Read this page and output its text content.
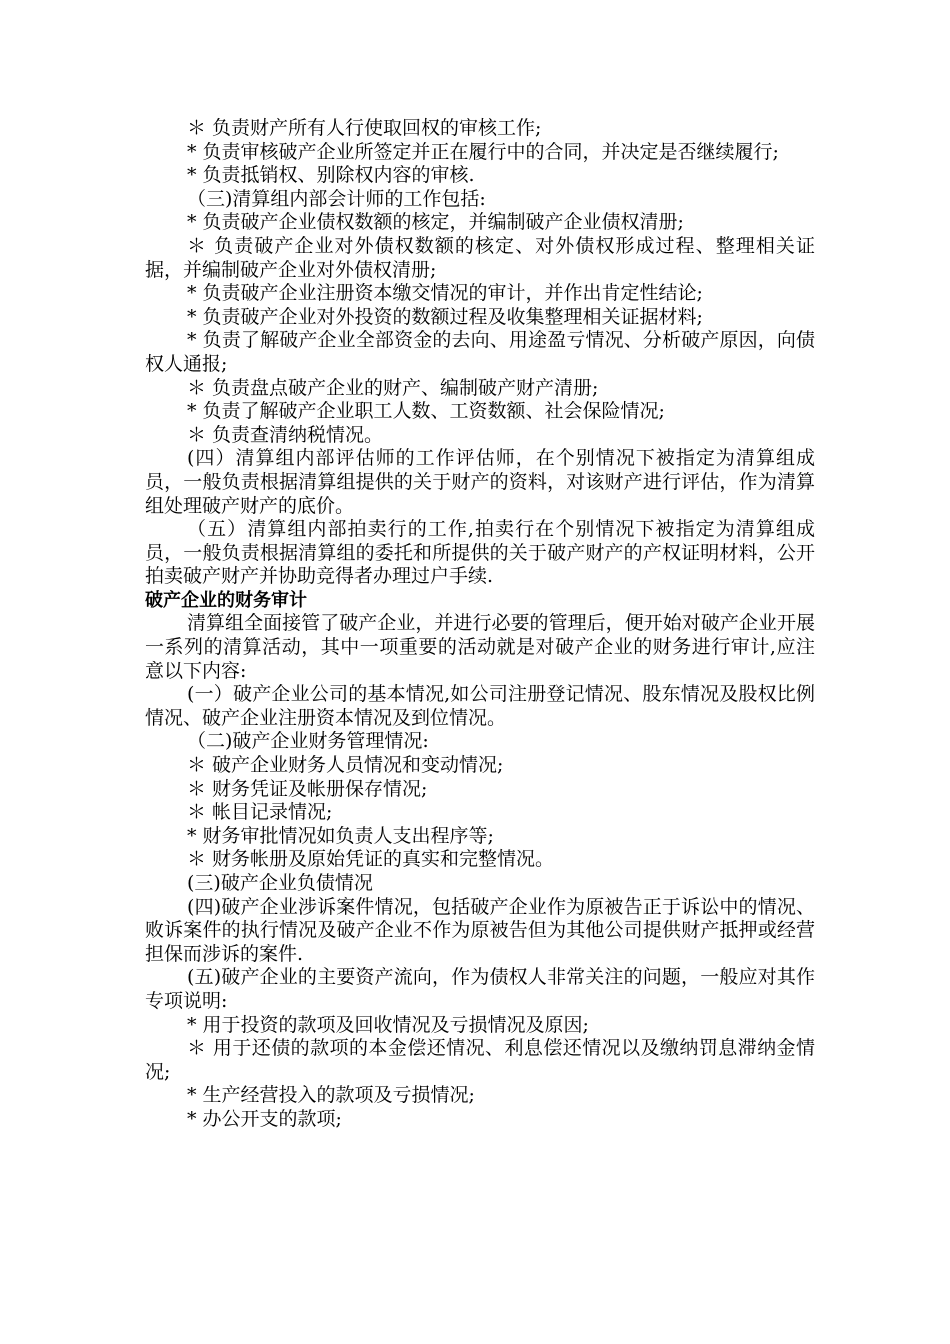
＊ 负责财产所有人行使取回权的审核工作;

* 负责审核破产企业所签定并正在履行中的合同，并决定是否继续履行;

* 负责抵销权、别除权内容的审核.

（三)清算组内部会计师的工作包括:

* 负责破产企业债权数额的核定，并编制破产企业债权清册;

＊ 负责破产企业对外债权数额的核定、对外债权形成过程、整理相关证据，并编制破产企业对外债权清册;

* 负责破产企业注册资本缴交情况的审计，并作出肯定性结论;

* 负责破产企业对外投资的数额过程及收集整理相关证据材料;

* 负责了解破产企业全部资金的去向、用途盈亏情况、分析破产原因，向债权人通报;

＊ 负责盘点破产企业的财产、编制破产财产清册;

* 负责了解破产企业职工人数、工资数额、社会保险情况;

＊ 负责查清纳税情况。

(四）清算组内部评估师的工作评估师，在个别情况下被指定为清算组成员，一般负责根据清算组提供的关于财产的资料，对该财产进行评估，作为清算组处理破产财产的底价。

（五）清算组内部拍卖行的工作,拍卖行在个别情况下被指定为清算组成员，一般负责根据清算组的委托和所提供的关于破产财产的产权证明材料，公开拍卖破产财产并协助竞得者办理过户手续.

破产企业的财务审计

清算组全面接管了破产企业，并进行必要的管理后，便开始对破产企业开展一系列的清算活动，其中一项重要的活动就是对破产企业的财务进行审计,应注意以下内容:

(一）破产企业公司的基本情况,如公司注册登记情况、股东情况及股权比例情况、破产企业注册资本情况及到位情况。

（二)破产企业财务管理情况:

＊ 破产企业财务人员情况和变动情况;

＊ 财务凭证及帐册保存情况;

＊ 帐目记录情况;

* 财务审批情况如负责人支出程序等;

＊ 财务帐册及原始凭证的真实和完整情况。

(三)破产企业负债情况

(四)破产企业涉诉案件情况，包括破产企业作为原被告正于诉讼中的情况、败诉案件的执行情况及破产企业不作为原被告但为其他公司提供财产抵押或经营担保而涉诉的案件.

(五)破产企业的主要资产流向，作为债权人非常关注的问题，一般应对其作专项说明:

* 用于投资的款项及回收情况及亏损情况及原因;

＊ 用于还债的款项的本金偿还情况、利息偿还情况以及缴纳罚息滞纳金情况;

* 生产经营投入的款项及亏损情况;

* 办公开支的款项;
